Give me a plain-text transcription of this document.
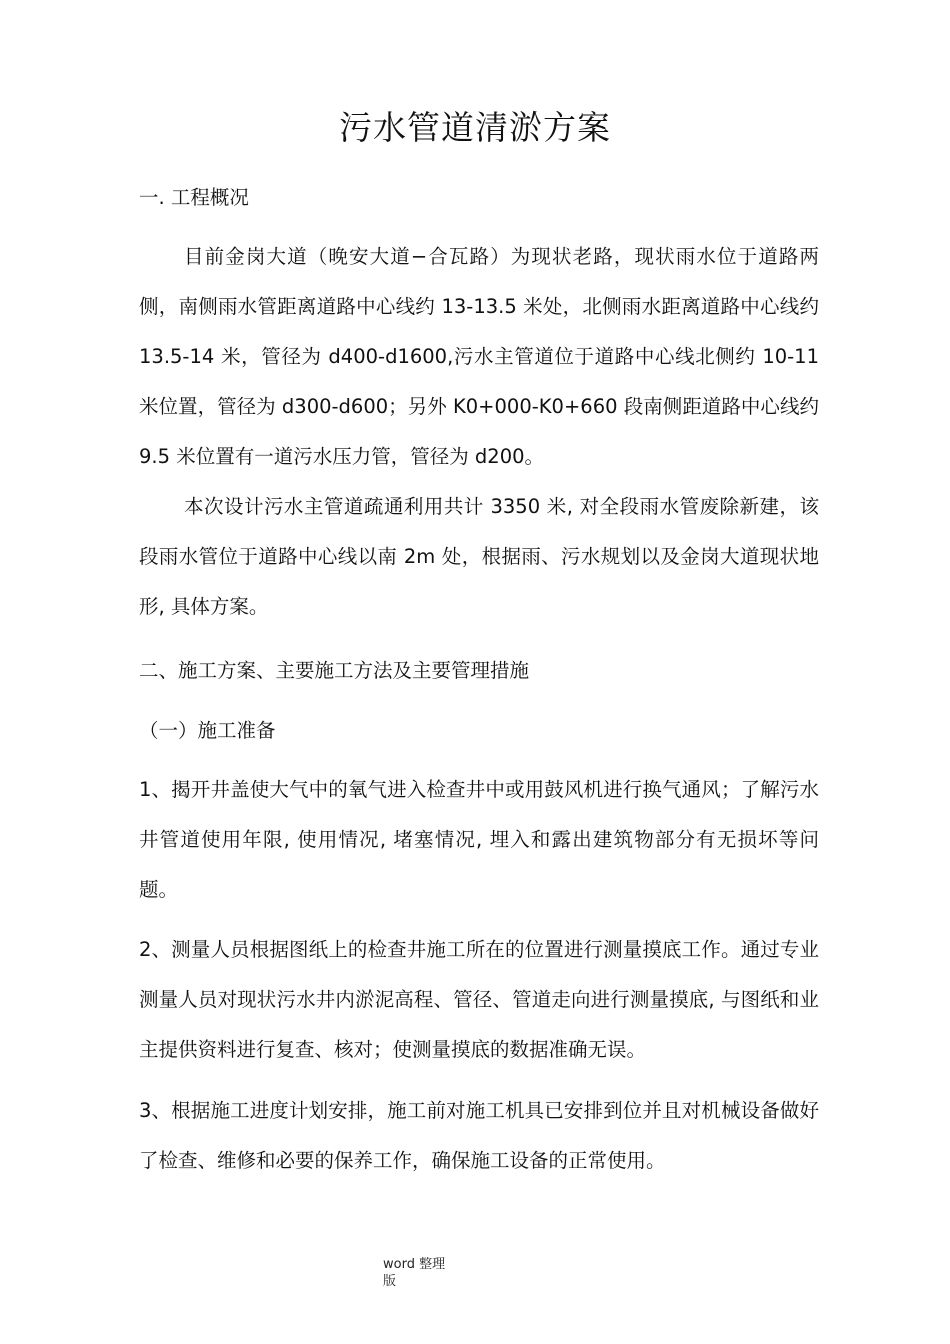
污水管道清淤方案

一. 工程概况

目前金岗大道（晚安大道−合瓦路）为现状老路，现状雨水位于道路两侧，南侧雨水管距离道路中心线约 13-13.5 米处，北侧雨水距离道路中心线约 13.5-14 米，管径为 d400-d1600,污水主管道位于道路中心线北侧约 10-11 米位置，管径为 d300-d600；另外 K0+000-K0+660 段南侧距道路中心线约 9.5 米位置有一道污水压力管，管径为 d200。

本次设计污水主管道疏通利用共计 3350 米, 对全段雨水管废除新建，该段雨水管位于道路中心线以南 2m 处，根据雨、污水规划以及金岗大道现状地形, 具体方案。

二、施工方案、主要施工方法及主要管理措施

（一）施工准备

1、揭开井盖使大气中的氧气进入检查井中或用鼓风机进行换气通风；了解污水井管道使用年限, 使用情况, 堵塞情况, 埋入和露出建筑物部分有无损坏等问题。

2、测量人员根据图纸上的检查井施工所在的位置进行测量摸底工作。通过专业测量人员对现状污水井内淤泥高程、管径、管道走向进行测量摸底, 与图纸和业主提供资料进行复查、核对；使测量摸底的数据准确无误。

3、根据施工进度计划安排，施工前对施工机具已安排到位并且对机械设备做好了检查、维修和必要的保养工作，确保施工设备的正常使用。

word 整理版
